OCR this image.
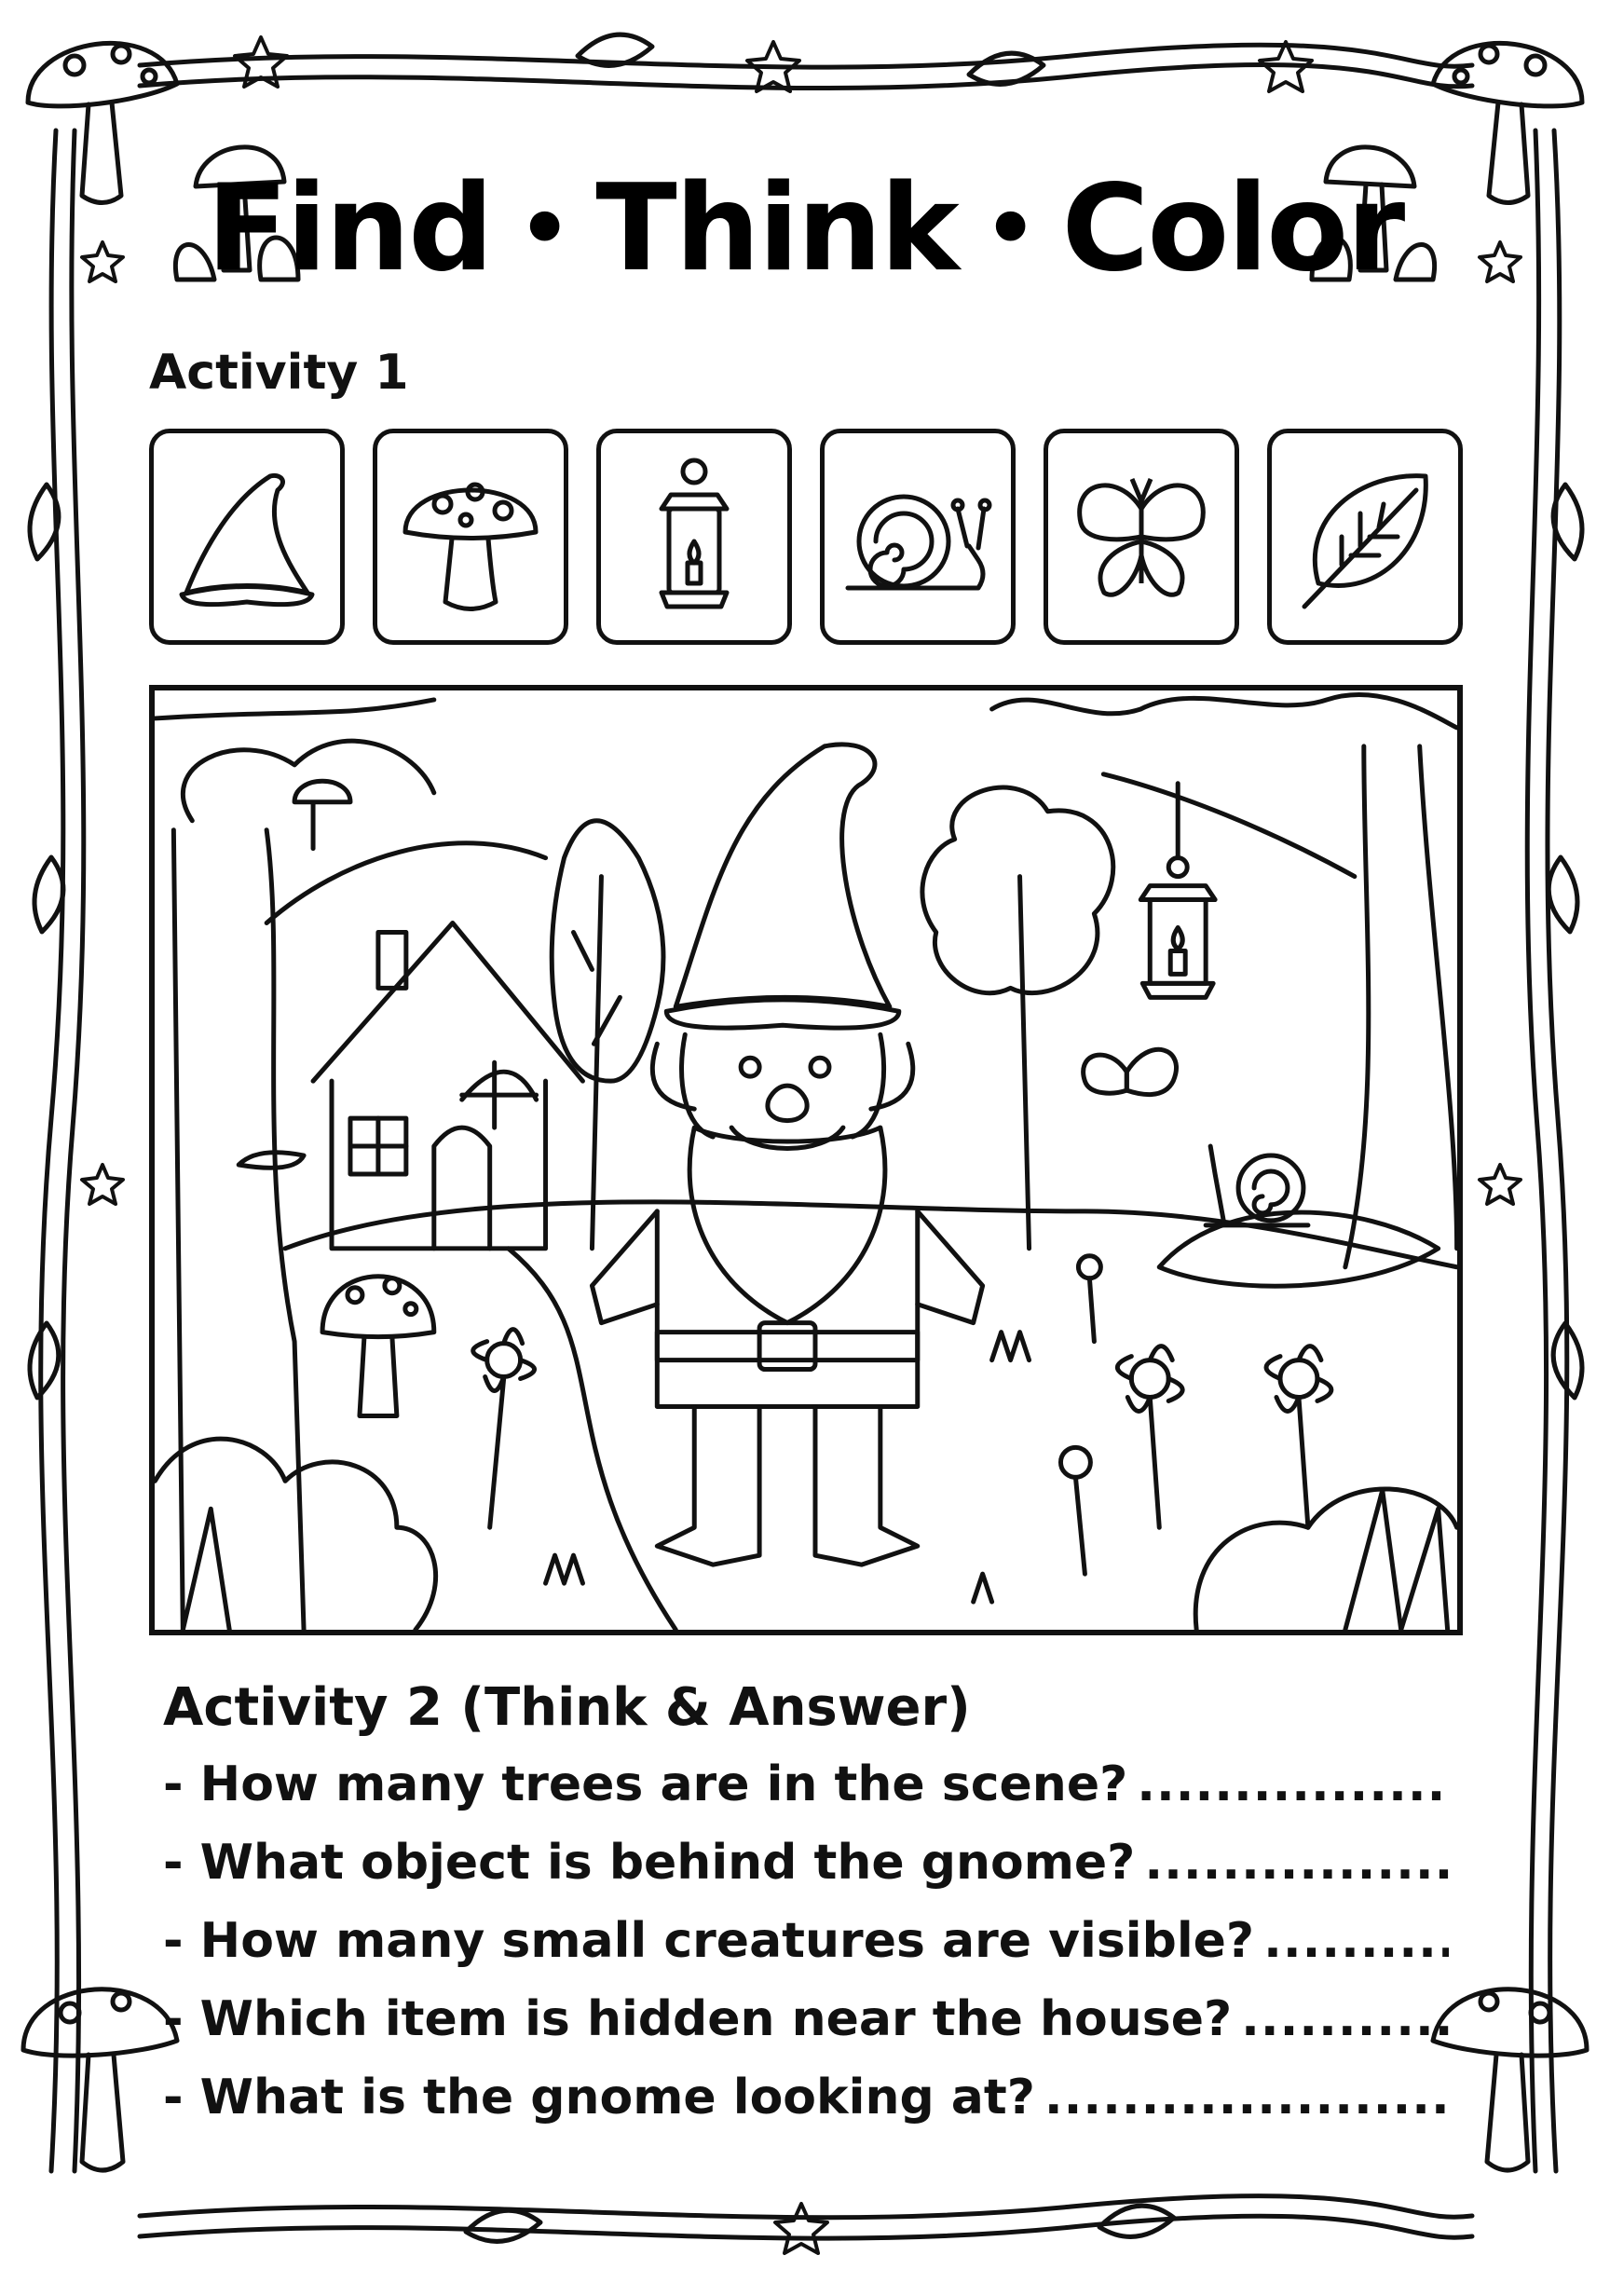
Find • Think • Color
Activity 1
Activity 2 (Think & Answer)
- How many trees are in the scene?
.....
- What object is behind the gnome?
.....
- How many small creatures are visible?
.....
- Which item is hidden near the house?
.....
- What is the gnome looking at?
.....
